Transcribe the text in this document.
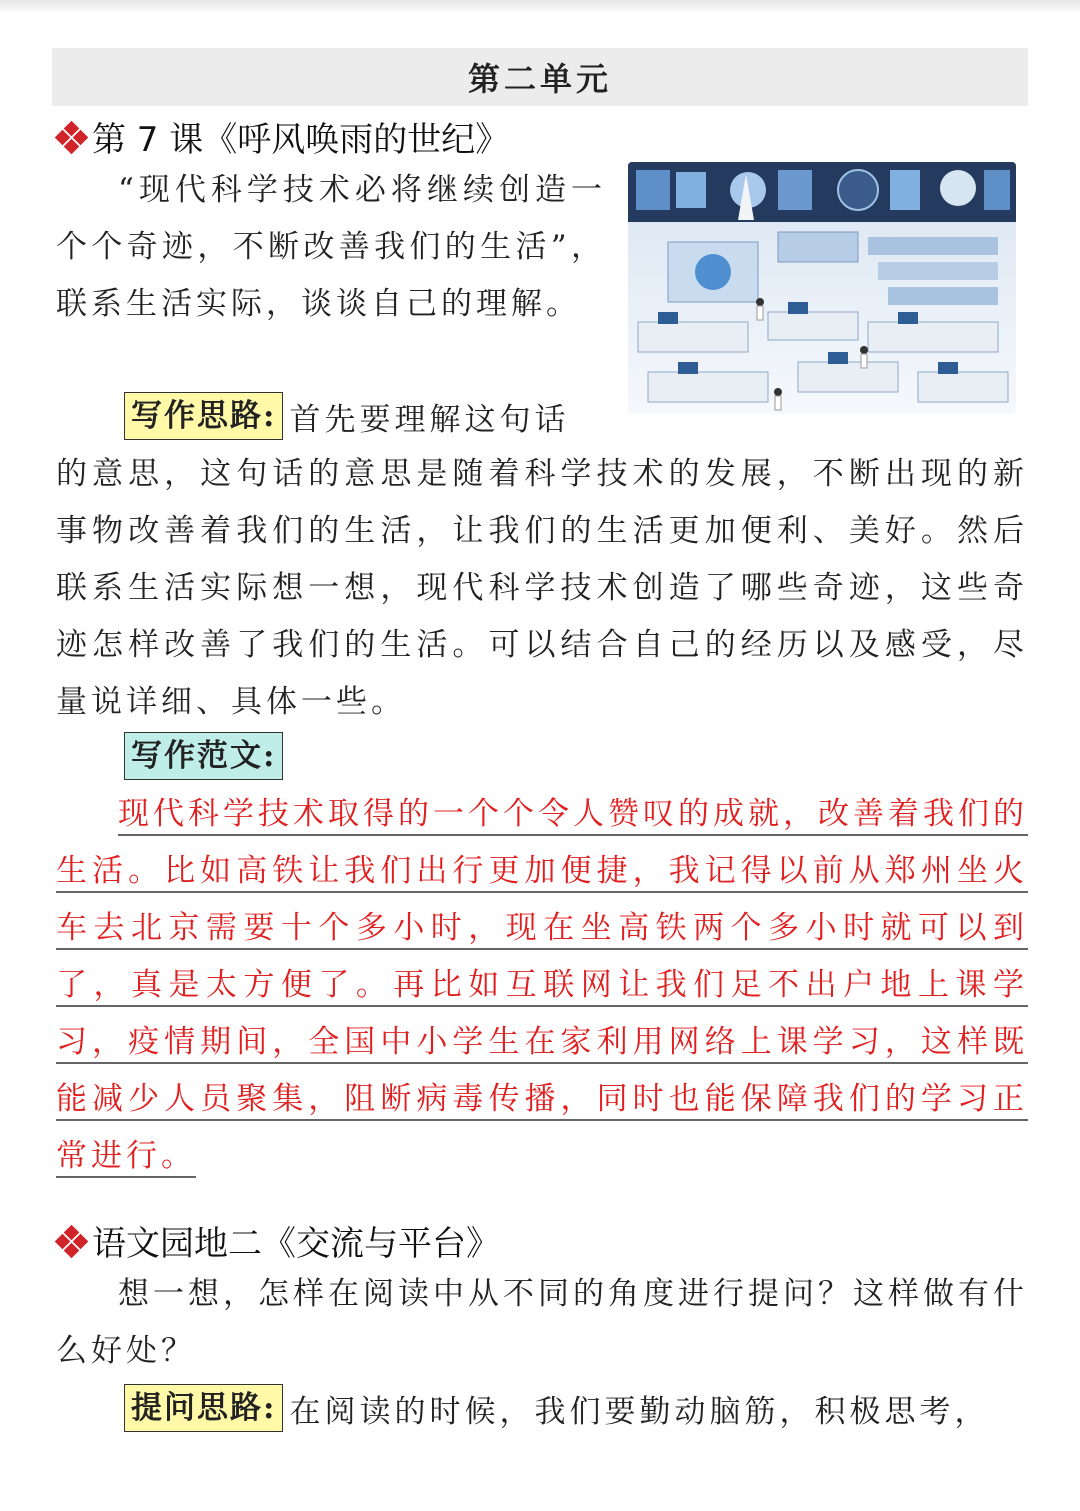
第二单元
第 7 课《呼风唤雨的世纪》
“现代科学技术必将继续创造一个个奇迹，不断改善我们的生活”，联系生活实际，谈谈自己的理解。
写作思路: 首先要理解这句话
的意思，这句话的意思是随着科学技术的发展，不断出现的新事物改善着我们的生活，让我们的生活更加便利、美好。然后联系生活实际想一想，现代科学技术创造了哪些奇迹，这些奇迹怎样改善了我们的生活。可以结合自己的经历以及感受，尽量说详细、具体一些。
写作范文:
现代科学技术取得的一个个令人赞叹的成就，改善着我们的生活。比如高铁让我们出行更加便捷，我记得以前从郑州坐火车去北京需要十个多小时，现在坐高铁两个多小时就可以到了，真是太方便了。再比如互联网让我们足不出户地上课学习，疫情期间，全国中小学生在家利用网络上课学习，这样既能减少人员聚集，阻断病毒传播，同时也能保障我们的学习正常进行。
语文园地二《交流与平台》
想一想，怎样在阅读中从不同的角度进行提问？这样做有什么好处？
提问思路: 在阅读的时候，我们要勤动脑筋，积极思考，
